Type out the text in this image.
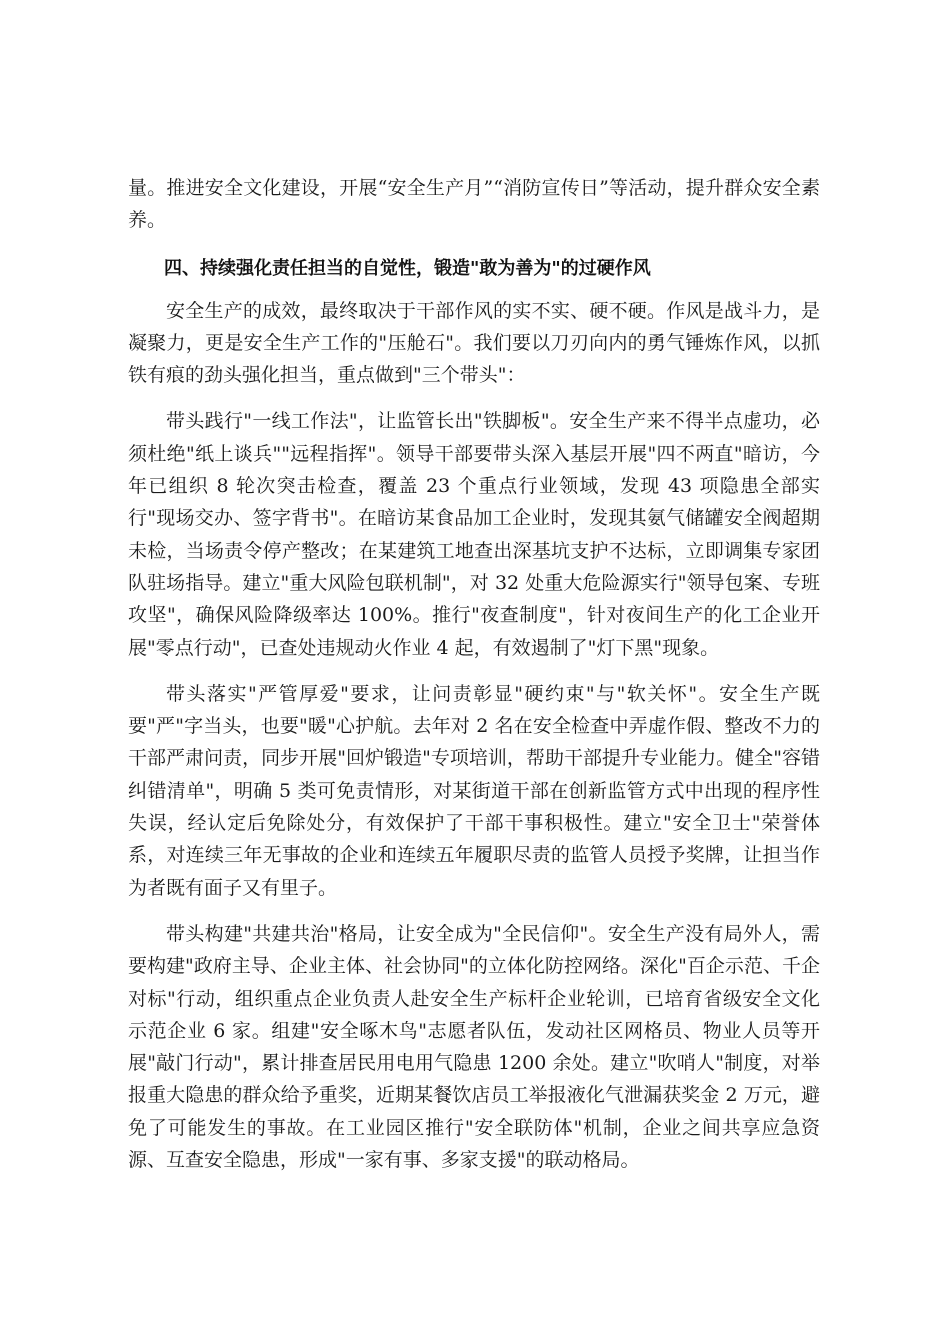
量。推进安全文化建设，开展“安全生产月”“消防宣传日”等活动，提升群众安全素养。

四、持续强化责任担当的自觉性，锻造"敢为善为"的过硬作风

安全生产的成效，最终取决于干部作风的实不实、硬不硬。作风是战斗力，是凝聚力，更是安全生产工作的"压舱石"。我们要以刀刃向内的勇气锤炼作风，以抓铁有痕的劲头强化担当，重点做到"三个带头"：

带头践行"一线工作法"，让监管长出"铁脚板"。安全生产来不得半点虚功，必须杜绝"纸上谈兵""远程指挥"。领导干部要带头深入基层开展"四不两直"暗访，今年已组织 8 轮次突击检查，覆盖 23 个重点行业领域，发现 43 项隐患全部实行"现场交办、签字背书"。在暗访某食品加工企业时，发现其氨气储罐安全阀超期未检，当场责令停产整改；在某建筑工地查出深基坑支护不达标，立即调集专家团队驻场指导。建立"重大风险包联机制"，对 32 处重大危险源实行"领导包案、专班攻坚"，确保风险降级率达 100%。推行"夜查制度"，针对夜间生产的化工企业开展"零点行动"，已查处违规动火作业 4 起，有效遏制了"灯下黑"现象。

带头落实"严管厚爱"要求，让问责彰显"硬约束"与"软关怀"。安全生产既要"严"字当头，也要"暖"心护航。去年对 2 名在安全检查中弄虚作假、整改不力的干部严肃问责，同步开展"回炉锻造"专项培训，帮助干部提升专业能力。健全"容错纠错清单"，明确 5 类可免责情形，对某街道干部在创新监管方式中出现的程序性失误，经认定后免除处分，有效保护了干部干事积极性。建立"安全卫士"荣誉体系，对连续三年无事故的企业和连续五年履职尽责的监管人员授予奖牌，让担当作为者既有面子又有里子。

带头构建"共建共治"格局，让安全成为"全民信仰"。安全生产没有局外人，需要构建"政府主导、企业主体、社会协同"的立体化防控网络。深化"百企示范、千企对标"行动，组织重点企业负责人赴安全生产标杆企业轮训，已培育省级安全文化示范企业 6 家。组建"安全啄木鸟"志愿者队伍，发动社区网格员、物业人员等开展"敲门行动"，累计排查居民用电用气隐患 1200 余处。建立"吹哨人"制度，对举报重大隐患的群众给予重奖，近期某餐饮店员工举报液化气泄漏获奖金 2 万元，避免了可能发生的事故。在工业园区推行"安全联防体"机制，企业之间共享应急资源、互查安全隐患，形成"一家有事、多家支援"的联动格局。
